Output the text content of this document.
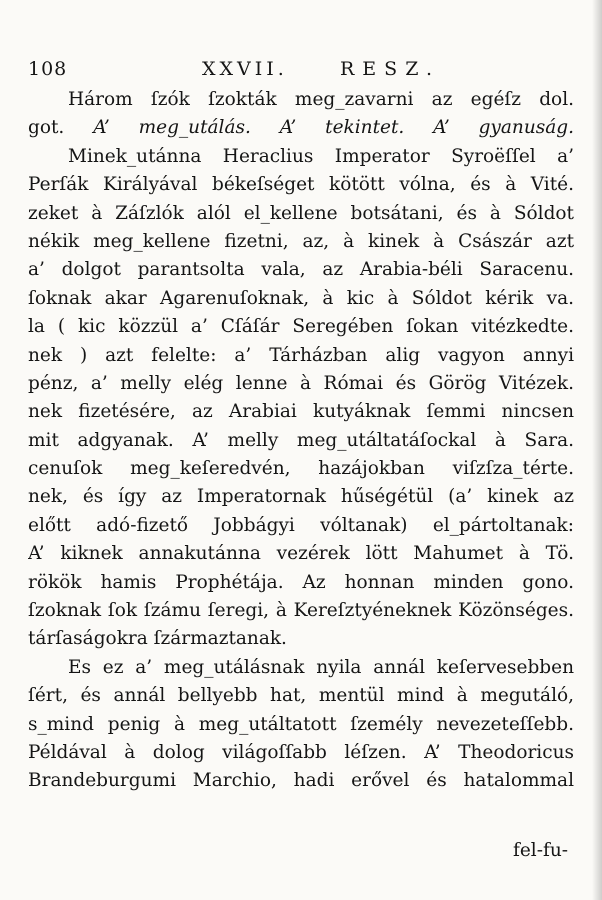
108	XXVII.	RESZ.
Három ſzók ſzokták meg_zavarni az egéſz dol.
got. A’ meg_utálás. A’ tekintet. A’ gyanuság.
Minek_utánna Heraclius Imperator Syroëſſel a’
Perſák Királyával békeſséget kötött vólna, és à Vité.
zeket à Záſzlók alól el_kellene botsátani, és à Sóldot
nékik meg_kellene fizetni, az, à kinek à Császár azt
a’ dolgot parantsolta vala, az Arabia-béli Saracenu.
ſoknak akar Agarenuſoknak, à kic à Sóldot kérik va.
la ( kic közzül a’ Cſáſár Seregében ſokan vitézkedte.
nek ) azt felelte: a’ Tárházban alig vagyon annyi
pénz, a’ melly elég lenne à Római és Görög Vitézek.
nek fizetésére, az Arabiai kutyáknak ſemmi nincsen
mit adgyanak. A’ melly meg_utáltatáſockal à Sara.
cenuſok meg_keſeredvén, hazájokban viſzſza_térte.
nek, és így az Imperatornak hűségétül (a’ kinek az
előtt adó-fizető Jobbágyi vóltanak) el_pártoltanak:
A’ kiknek annakutánna vezérek lött Mahumet à Tö.
rökök hamis Prophétája. Az honnan minden gono.
ſzoknak ſok ſzámu ſeregi, à Kereſztyéneknek Közönséges.
tárſaságokra ſzármaztanak.
Es ez a’ meg_utálásnak nyila annál keſervesebben
ſért, és annál bellyebb hat, mentül mind à megutáló,
s_mind penig à meg_utáltatott ſzemély nevezeteſſebb.
Példával à dolog világoſſabb léſzen. A’ Theodoricus
Brandeburgumi Marchio, hadi erővel és hatalommal
fel-fu-
